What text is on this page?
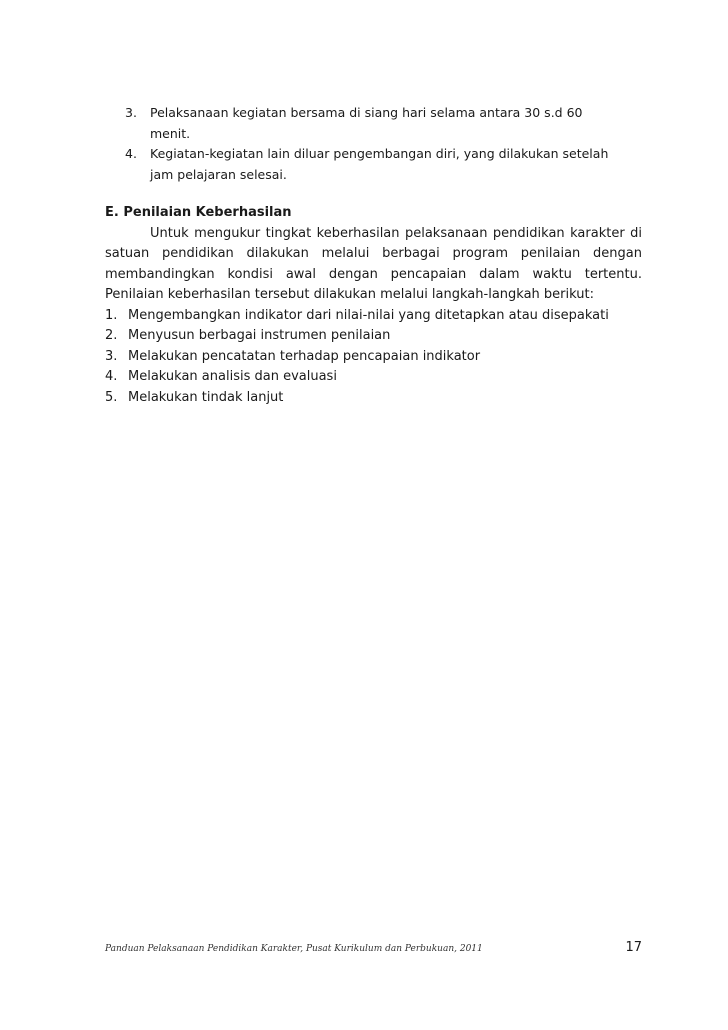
3. Pelaksanaan kegiatan bersama di siang hari selama antara 30 s.d 60 menit.
4. Kegiatan-kegiatan lain diluar pengembangan diri, yang dilakukan setelah jam pelajaran selesai.
E. Penilaian Keberhasilan
Untuk mengukur tingkat keberhasilan pelaksanaan pendidikan karakter di satuan pendidikan dilakukan melalui berbagai program penilaian dengan membandingkan kondisi awal dengan pencapaian dalam waktu tertentu. Penilaian keberhasilan tersebut dilakukan melalui langkah-langkah berikut:
1. Mengembangkan indikator dari nilai-nilai yang ditetapkan atau disepakati
2. Menyusun berbagai instrumen penilaian
3. Melakukan pencatatan terhadap pencapaian indikator
4. Melakukan analisis dan evaluasi
5. Melakukan tindak lanjut
Panduan Pelaksanaan Pendidikan Karakter, Pusat Kurikulum dan Perbukuan, 2011	17
